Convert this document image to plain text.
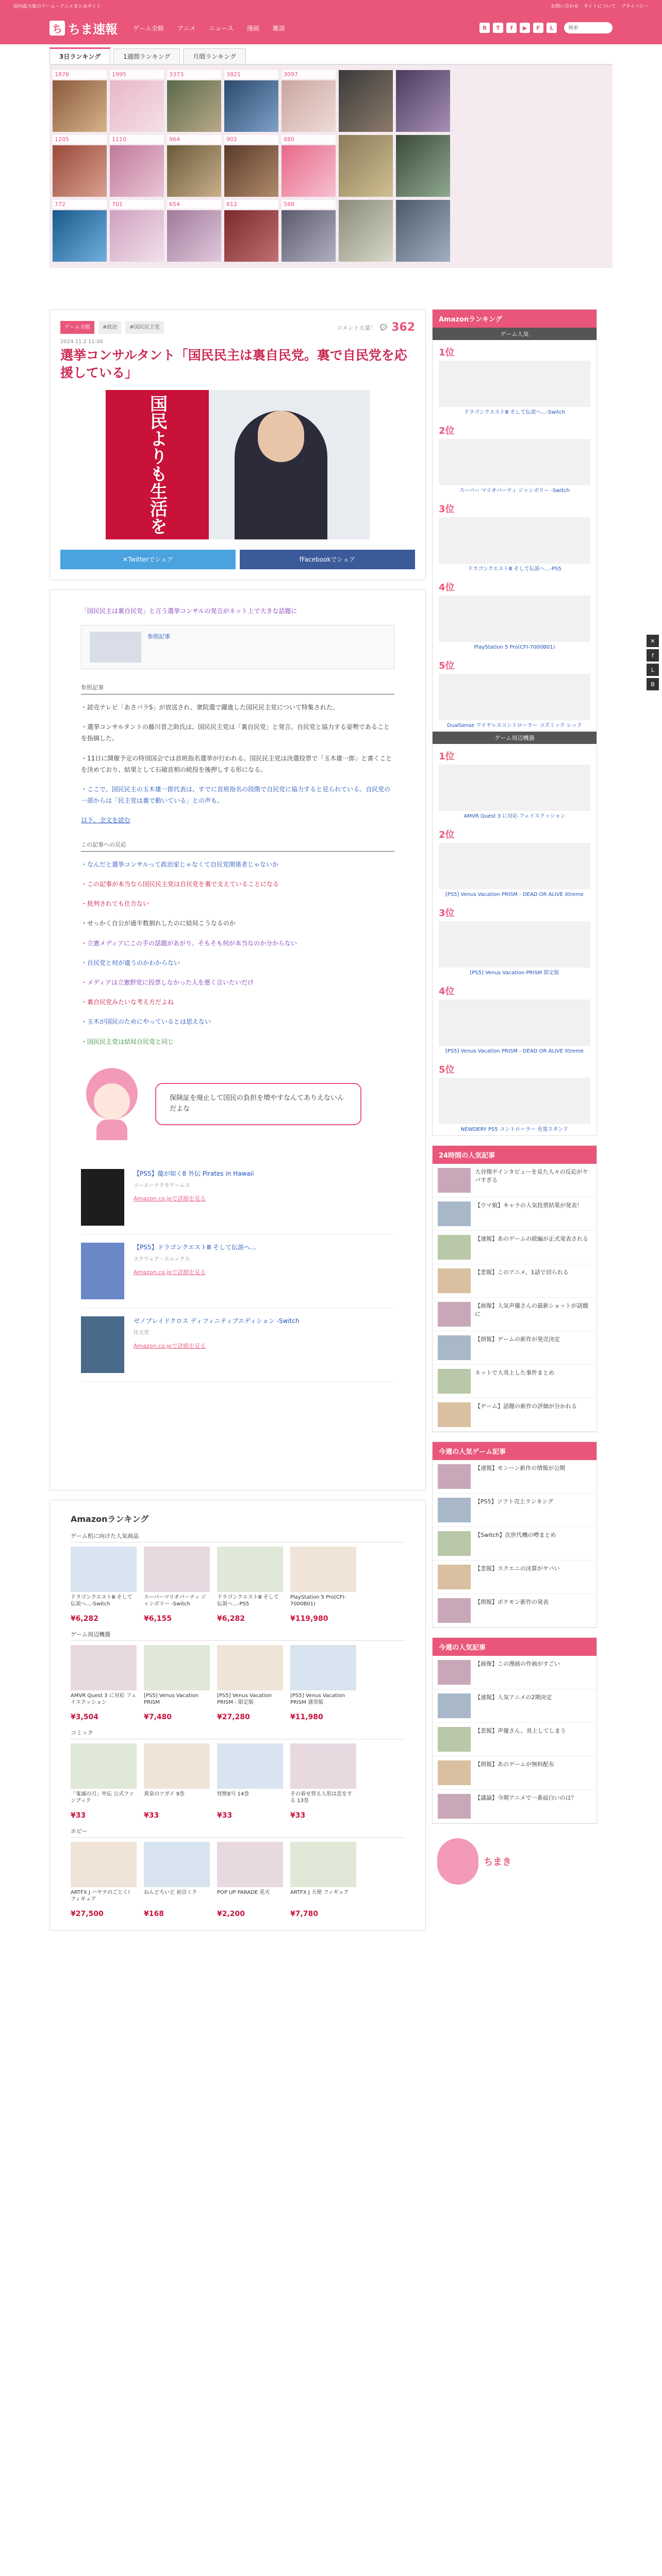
国内最大級のゲーム・アニメまとめサイト	お問い合わせ サイトについて プライバシー
ち ちま速報	ゲーム全般 アニメ ニュース 漫画 雑談	R	T	f	▶	F	L
検索
3日ランキング	1週間ランキング	月間ランキング
1876	1995	3373	3821	3097
1205	1110	964	902	880
772	701	654	612	588
ゲーム全般	#政治	#国民民主党	コメント大量！ 💬 362
2024.11.2 11:00
選挙コンサルタント「国民民主は裏自民党。裏で自民党を応援している」
国民よりも生活を
✕ Twitterでシェア	f Facebookでシェア

「国民民主は裏自民党」と言う選挙コンサルの発言がネット上で大きな話題に

参照記事
参照記事

・読売テレビ「あさパラS」が放送され、衆院選で躍進した国民民主党について特集された。

・選挙コンサルタントの藤川晋之助氏は、国民民主党は「裏自民党」と発言。自民党と協力する姿勢であることを指摘した。

・11日に開催予定の特別国会では首班指名選挙が行われる。国民民主党は決選投票で「玉木雄一郎」と書くことを決めており、結果として石破首相の続投を後押しする形になる。

・ここで、国民民主の玉木雄一郎代表は、すでに首班指名の段階で自民党に協力すると見られている。自民党の一部からは「民主党は裏で動いている」との声も。

以下、全文を読む

この記事への反応

・なんだと選挙コンサルって政治家じゃなくて自民党関係者じゃないか

・この記事が本当なら国民民主党は自民党を裏で支えていることになる

・批判されても仕方ない

・せっかく自公が過半数割れしたのに結局こうなるのか

・立憲メディアにこの手の話題があがり、そもそも何が本当なのか分からない

・自民党と何が違うのかわからない

・メディアは立憲野党に投票しなかった人を悪く言いたいだけ

・裏自民党みたいな考え方だよね

・玉木が国民のためにやっているとは思えない

・国民民主党は結局自民党と同じ

保険証を廃止して国民の負担を増やすなんてありえないんだよな
【PS5】龍が如く8 外伝 Pirates in Hawaii
コーエーテクモゲームス
Amazon.co.jpで詳細を見る
【PS5】ドラゴンクエストⅢ そして伝説へ…
スクウェア・エニックス
Amazon.co.jpで詳細を見る
ゼノブレイドクロス ディフィニティブエディション -Switch
任天堂
Amazon.co.jpで詳細を見る
Amazonランキング
ゲーム机に向けた人気商品
ドラゴンクエストⅢ そして伝説へ…-Switch
¥6,282
スーパーマリオパーティ ジャンボリー -Switch
¥6,155
ドラゴンクエストⅢ そして伝説へ…-PS5
¥6,282
PlayStation 5 Pro(CFI-7000B01)
¥119,980
ゲーム周辺機器
AMVR Quest 3 に対応 フェイスクッション
¥3,504
[PS5] Venus Vacation PRISM
¥7,480
[PS5] Venus Vacation PRISM - 限定版
¥27,280
[PS5] Venus Vacation PRISM 通常版
¥11,980
コミック
「鬼滅の刃」外伝 公式ファンブック
¥33
黄泉のツガイ 9巻
¥33
怪獣8号 14巻
¥33
その着せ替え人形は恋をする 13巻
¥33
ホビー
ARTFX J ハヤテのごとく! フィギュア
¥27,500
ねんどろいど 初音ミク
¥168
POP UP PARADE 花火
¥2,200
ARTFX J 天使 フィギュア
¥7,780
Amazonランキング
ゲーム人気
1位
ドラゴンクエストⅢ そして伝説へ…-Switch
2位
スーパー マリオパーティ ジャンボリー -Switch
3位
ドラゴンクエストⅢ そして伝説へ…-PS5
4位
PlayStation 5 Pro(CFI-7000B01)
5位
DualSense ワイヤレスコントローラー コズミック レッド
ゲーム周辺機器
1位
AMVR Quest 3 に対応 フェイスクッション
2位
[PS5] Venus Vacation PRISM - DEAD OR ALIVE Xtreme
3位
[PS5] Venus Vacation PRISM 限定版
4位
[PS5] Venus Vacation PRISM - DEAD OR ALIVE Xtreme
5位
NEWDERY PS5 コントローラー 充電スタンド
24時間の人気記事
大谷翔平インタビューを見た人々の反応がヤバすぎる
【ウマ娘】キャラの人気投票結果が発表！
【速報】あのゲームの続編が正式発表される
【悲報】このアニメ、1話で切られる
【画像】人気声優さんの最新ショットが話題に
【朗報】ゲームの新作が発売決定
ネットで大炎上した事件まとめ
【ゲーム】話題の新作の評価が分かれる
今週の人気ゲーム記事
【速報】モンハン新作の情報が公開
【PS5】ソフト売上ランキング
【Switch】次世代機の噂まとめ
【悲報】スクエニの決算がヤバい
【朗報】ポケモン新作の発表
今週の人気記事
【画像】この漫画の作画がすごい
【速報】人気アニメの2期決定
【悲報】声優さん、炎上してしまう
【朗報】あのゲームが無料配布
【議論】今期アニメで一番面白いのは？
ちまき
✕
f
L
B
